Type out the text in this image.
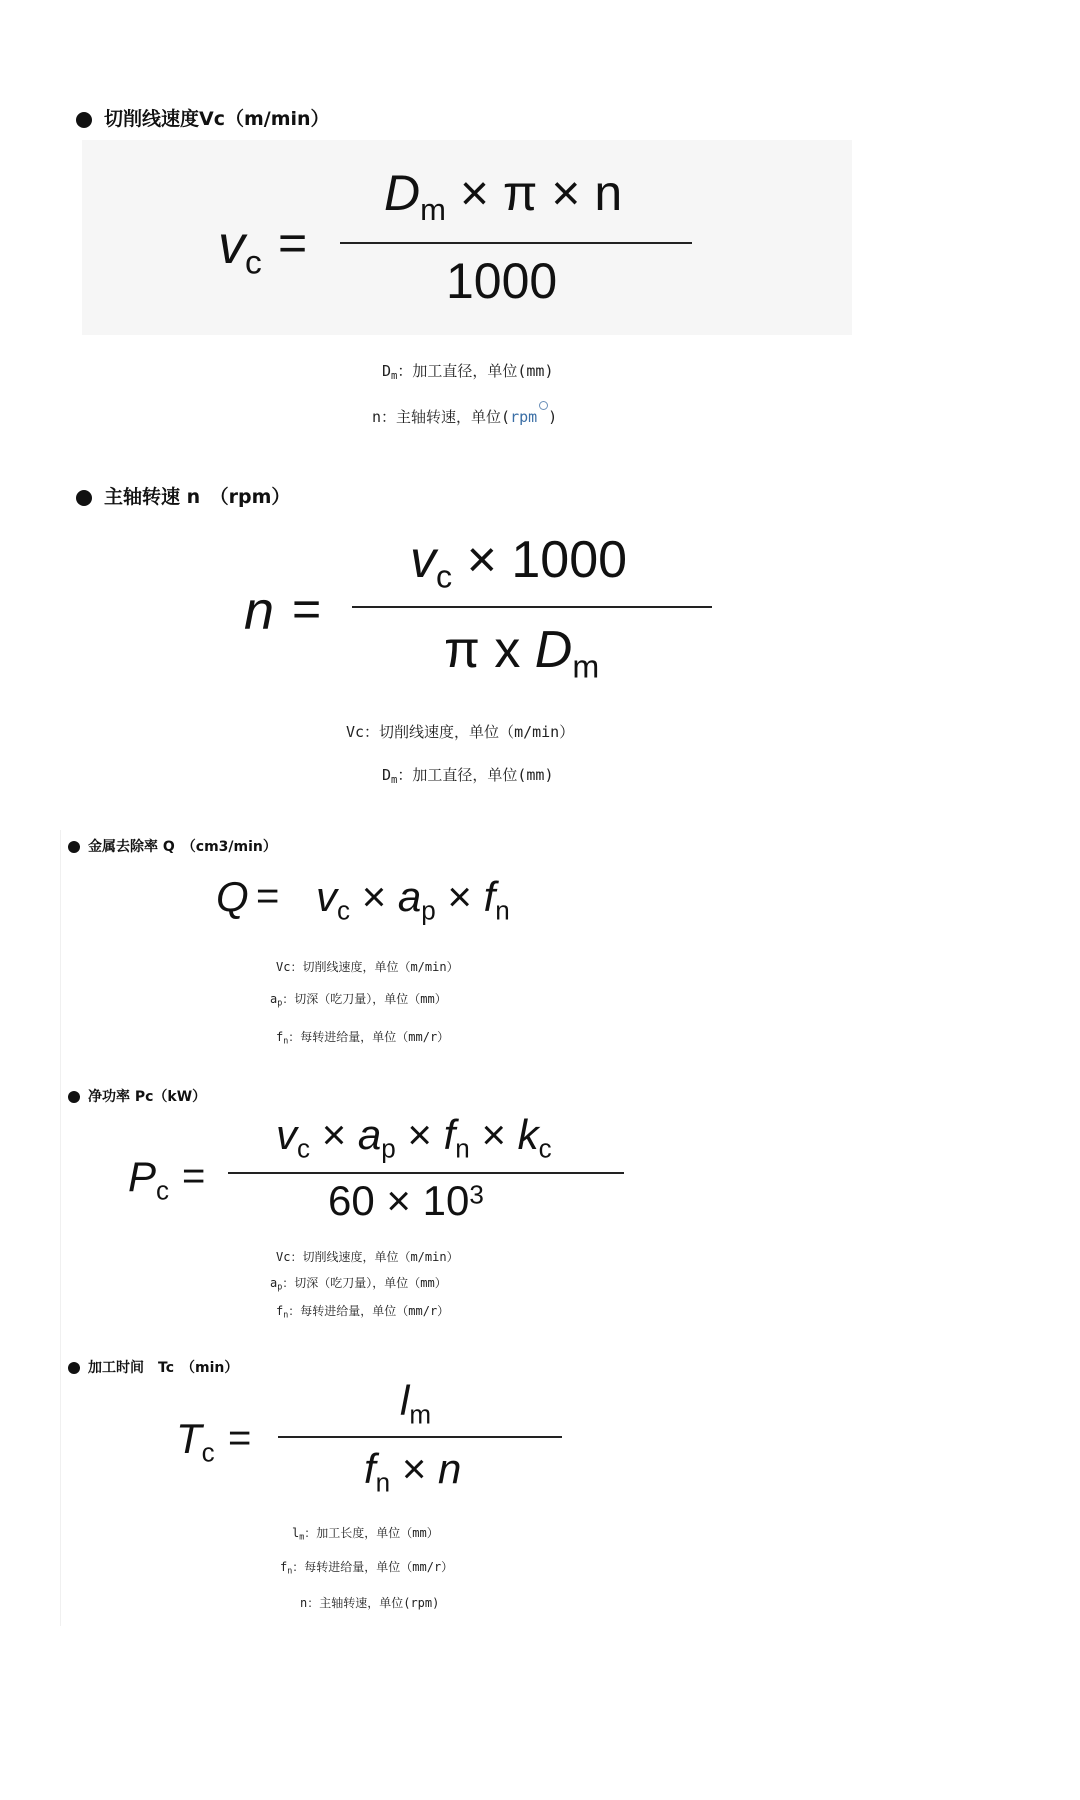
切削线速度Vc（m/min）
$v_c$ =
$D_m \times \pi \times n$
1000
$D_m$：加工直径，单位(mm)
n：主轴转速，单位(rpm )
主轴转速 n　（rpm）
n =
$v_c \times 1000$
π x $D_m$
Vc：切削线速度，单位（m/min）
$D_m$：加工直径，单位(mm)
金属去除率 Q　（cm3/min）
$Q = v_c \times a_p \times f_n$
Vc：切削线速度，单位（m/min）
$a_p$：切深（吃刀量），单位（mm）
$f_n$：每转进给量，单位（mm/r）
净功率 Pc（kW）
$P_c$ =
$v_c \times a_p \times f_n \times k_c$
$60 \times 10^3$
Vc：切削线速度，单位（m/min）
$a_p$：切深（吃刀量），单位（mm）
$f_n$：每转进给量，单位（mm/r）
加工时间　Tc　（min）
$T_c$ =
$l_m$
$f_n \times n$
$l_m$：加工长度，单位（mm）
$f_n$：每转进给量，单位（mm/r）
n：主轴转速，单位(rpm)
